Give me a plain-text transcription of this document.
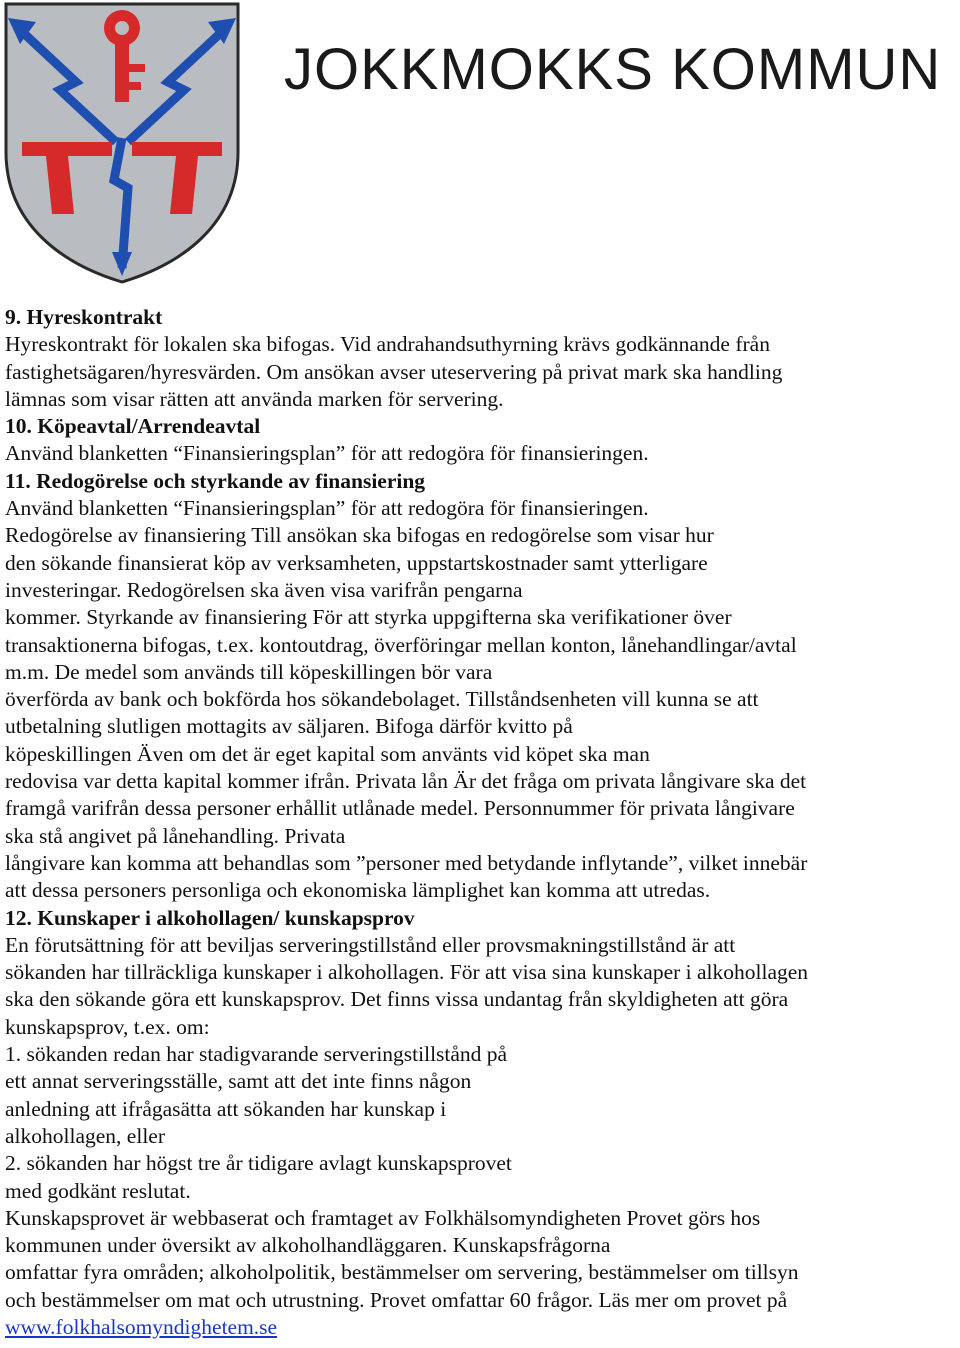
JOKKMOKKS KOMMUN
9. Hyreskontrakt
Hyreskontrakt för lokalen ska bifogas. Vid andrahandsuthyrning krävs godkännande från
fastighetsägaren/hyresvärden. Om ansökan avser uteservering på privat mark ska handling
lämnas som visar rätten att använda marken för servering.
10. Köpeavtal/Arrendeavtal
Använd blanketten “Finansieringsplan” för att redogöra för finansieringen.
11. Redogörelse och styrkande av finansiering
Använd blanketten “Finansieringsplan” för att redogöra för finansieringen.
Redogörelse av finansiering Till ansökan ska bifogas en redogörelse som visar hur
den sökande finansierat köp av verksamheten, uppstartskostnader samt ytterligare
investeringar. Redogörelsen ska även visa varifrån pengarna
kommer. Styrkande av finansiering För att styrka uppgifterna ska verifikationer över
transaktionerna bifogas, t.ex. kontoutdrag, överföringar mellan konton, lånehandlingar/avtal
m.m. De medel som används till köpeskillingen bör vara
överförda av bank och bokförda hos sökandebolaget. Tillståndsenheten vill kunna se att
utbetalning slutligen mottagits av säljaren. Bifoga därför kvitto på
köpeskillingen Även om det är eget kapital som använts vid köpet ska man
redovisa var detta kapital kommer ifrån. Privata lån Är det fråga om privata långivare ska det
framgå varifrån dessa personer erhållit utlånade medel. Personnummer för privata långivare
ska stå angivet på lånehandling. Privata
långivare kan komma att behandlas som ”personer med betydande inflytande”, vilket innebär
att dessa personers personliga och ekonomiska lämplighet kan komma att utredas.
12. Kunskaper i alkohollagen/ kunskapsprov
En förutsättning för att beviljas serveringstillstånd eller provsmakningstillstånd är att
sökanden har tillräckliga kunskaper i alkohollagen. För att visa sina kunskaper i alkohollagen
ska den sökande göra ett kunskapsprov. Det finns vissa undantag från skyldigheten att göra
kunskapsprov, t.ex. om:
1. sökanden redan har stadigvarande serveringstillstånd på
ett annat serveringsställe, samt att det inte finns någon
anledning att ifrågasätta att sökanden har kunskap i
alkohollagen, eller
2. sökanden har högst tre år tidigare avlagt kunskapsprovet
med godkänt reslutat.
Kunskapsprovet är webbaserat och framtaget av Folkhälsomyndigheten Provet görs hos
kommunen under översikt av alkoholhandläggaren. Kunskapsfrågorna
omfattar fyra områden; alkoholpolitik, bestämmelser om servering, bestämmelser om tillsyn
och bestämmelser om mat och utrustning. Provet omfattar 60 frågor. Läs mer om provet på
www.folkhalsomyndighetem.se
